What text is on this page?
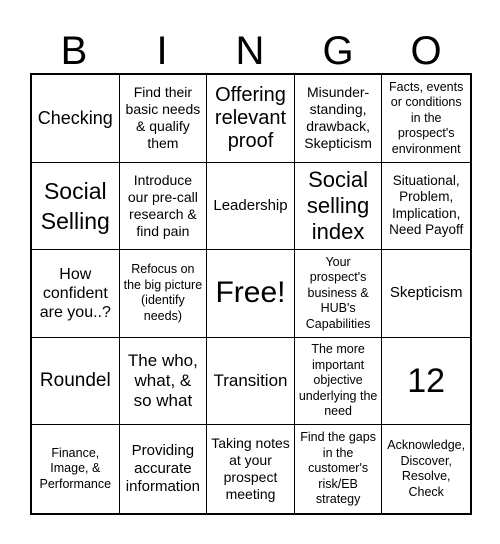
B	I	N	G	O
Checking
Find their basic needs & qualify them
Offering relevant proof
Misunder-standing, drawback, Skepticism
Facts, events or conditions in the prospect's environment
Social Selling
Introduce our pre-call research & find pain
Leadership
Social selling index
Situational, Problem, Implication, Need Payoff
How confident are you..?
Refocus on the big picture (identify needs)
Free!
Your prospect's business & HUB's Capabilities
Skepticism
Roundel
The who, what, & so what
Transition
The more important objective underlying the need
12
Finance, Image, & Performance
Providing accurate information
Taking notes at your prospect meeting
Find the gaps in the customer's risk/EB strategy
Acknowledge, Discover, Resolve, Check
